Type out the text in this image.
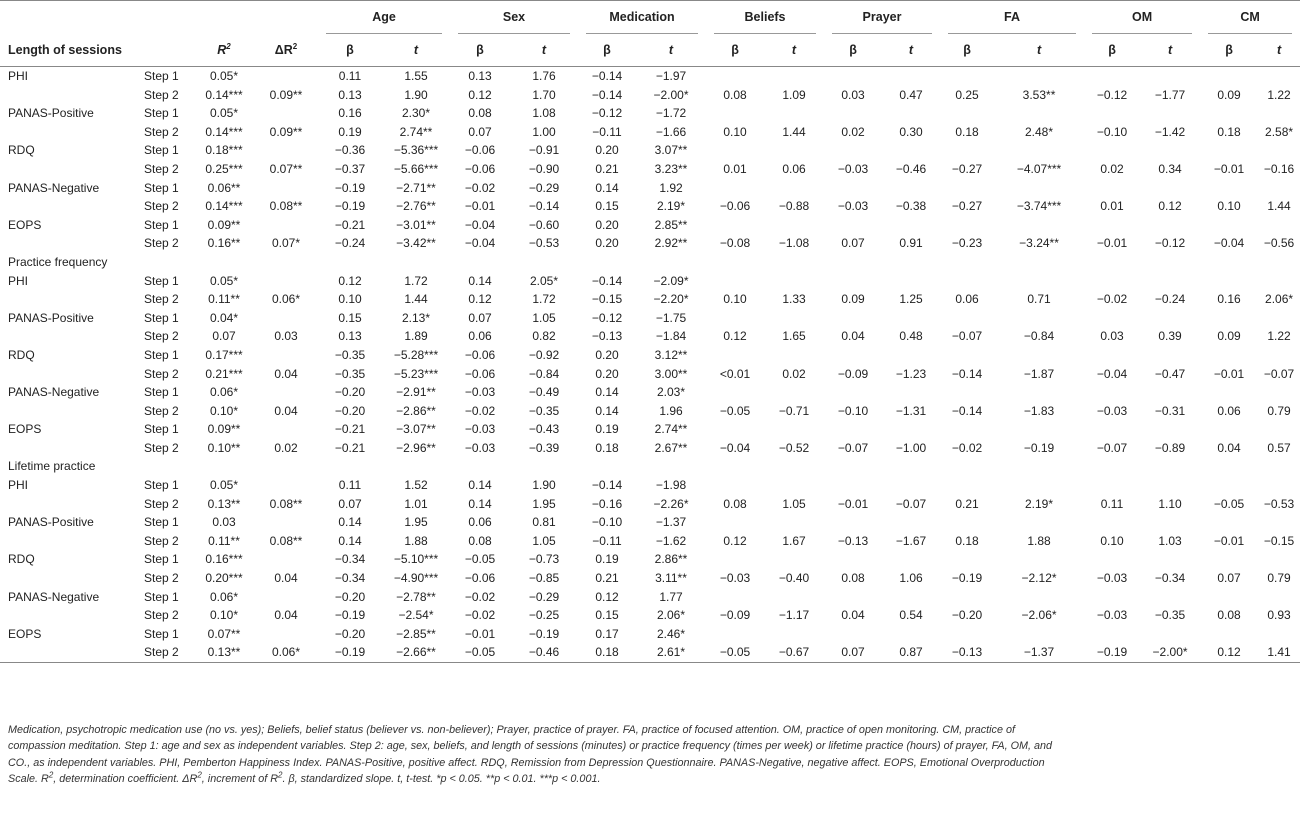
				Age		Sex		Medication		Beliefs		Prayer		FA		OM		CM	

Length of sessions		$R^2$	$\Delta R^2$	β	t	β	t	β	t	β	t	β	t	β	t	β	t	β	t
PHI	Step 1	0.05*		0.11	1.55	0.13	1.76	−0.14	−1.97										
	Step 2	0.14***	0.09**	0.13	1.90	0.12	1.70	−0.14	−2.00*	0.08	1.09	0.03	0.47	0.25	3.53**	−0.12	−1.77	0.09	1.22
PANAS-Positive	Step 1	0.05*		0.16	2.30*	0.08	1.08	−0.12	−1.72										
	Step 2	0.14***	0.09**	0.19	2.74**	0.07	1.00	−0.11	−1.66	0.10	1.44	0.02	0.30	0.18	2.48*	−0.10	−1.42	0.18	2.58*
RDQ	Step 1	0.18***		−0.36	−5.36***	−0.06	−0.91	0.20	3.07**										
	Step 2	0.25***	0.07**	−0.37	−5.66***	−0.06	−0.90	0.21	3.23**	0.01	0.06	−0.03	−0.46	−0.27	−4.07***	0.02	0.34	−0.01	−0.16
PANAS-Negative	Step 1	0.06**		−0.19	−2.71**	−0.02	−0.29	0.14	1.92										
	Step 2	0.14***	0.08**	−0.19	−2.76**	−0.01	−0.14	0.15	2.19*	−0.06	−0.88	−0.03	−0.38	−0.27	−3.74***	0.01	0.12	0.10	1.44
EOPS	Step 1	0.09**		−0.21	−3.01**	−0.04	−0.60	0.20	2.85**										
	Step 2	0.16**	0.07*	−0.24	−3.42**	−0.04	−0.53	0.20	2.92**	−0.08	−1.08	0.07	0.91	−0.23	−3.24**	−0.01	−0.12	−0.04	−0.56
Practice frequency																			
PHI	Step 1	0.05*		0.12	1.72	0.14	2.05*	−0.14	−2.09*										
	Step 2	0.11**	0.06*	0.10	1.44	0.12	1.72	−0.15	−2.20*	0.10	1.33	0.09	1.25	0.06	0.71	−0.02	−0.24	0.16	2.06*
PANAS-Positive	Step 1	0.04*		0.15	2.13*	0.07	1.05	−0.12	−1.75										
	Step 2	0.07	0.03	0.13	1.89	0.06	0.82	−0.13	−1.84	0.12	1.65	0.04	0.48	−0.07	−0.84	0.03	0.39	0.09	1.22
RDQ	Step 1	0.17***		−0.35	−5.28***	−0.06	−0.92	0.20	3.12**										
	Step 2	0.21***	0.04	−0.35	−5.23***	−0.06	−0.84	0.20	3.00**	<0.01	0.02	−0.09	−1.23	−0.14	−1.87	−0.04	−0.47	−0.01	−0.07
PANAS-Negative	Step 1	0.06*		−0.20	−2.91**	−0.03	−0.49	0.14	2.03*										
	Step 2	0.10*	0.04	−0.20	−2.86**	−0.02	−0.35	0.14	1.96	−0.05	−0.71	−0.10	−1.31	−0.14	−1.83	−0.03	−0.31	0.06	0.79
EOPS	Step 1	0.09**		−0.21	−3.07**	−0.03	−0.43	0.19	2.74**										
	Step 2	0.10**	0.02	−0.21	−2.96**	−0.03	−0.39	0.18	2.67**	−0.04	−0.52	−0.07	−1.00	−0.02	−0.19	−0.07	−0.89	0.04	0.57
Lifetime practice																			
PHI	Step 1	0.05*		0.11	1.52	0.14	1.90	−0.14	−1.98										
	Step 2	0.13**	0.08**	0.07	1.01	0.14	1.95	−0.16	−2.26*	0.08	1.05	−0.01	−0.07	0.21	2.19*	0.11	1.10	−0.05	−0.53
PANAS-Positive	Step 1	0.03		0.14	1.95	0.06	0.81	−0.10	−1.37										
	Step 2	0.11**	0.08**	0.14	1.88	0.08	1.05	−0.11	−1.62	0.12	1.67	−0.13	−1.67	0.18	1.88	0.10	1.03	−0.01	−0.15
RDQ	Step 1	0.16***		−0.34	−5.10***	−0.05	−0.73	0.19	2.86**										
	Step 2	0.20***	0.04	−0.34	−4.90***	−0.06	−0.85	0.21	3.11**	−0.03	−0.40	0.08	1.06	−0.19	−2.12*	−0.03	−0.34	0.07	0.79
PANAS-Negative	Step 1	0.06*		−0.20	−2.78**	−0.02	−0.29	0.12	1.77										
	Step 2	0.10*	0.04	−0.19	−2.54*	−0.02	−0.25	0.15	2.06*	−0.09	−1.17	0.04	0.54	−0.20	−2.06*	−0.03	−0.35	0.08	0.93
EOPS	Step 1	0.07**		−0.20	−2.85**	−0.01	−0.19	0.17	2.46*										
	Step 2	0.13**	0.06*	−0.19	−2.66**	−0.05	−0.46	0.18	2.61*	−0.05	−0.67	0.07	0.87	−0.13	−1.37	−0.19	−2.00*	0.12	1.41
Medication, psychotropic medication use (no vs. yes); Beliefs, belief status (believer vs. non-believer); Prayer, practice of prayer. FA, practice of focused attention. OM, practice of open monitoring. CM, practice of
compassion meditation. Step 1: age and sex as independent variables. Step 2: age, sex, beliefs, and length of sessions (minutes) or practice frequency (times per week) or lifetime practice (hours) of prayer, FA, OM, and
CO., as independent variables. PHI, Pemberton Happiness Index. PANAS-Positive, positive affect. RDQ, Remission from Depression Questionnaire. PANAS-Negative, negative affect. EOPS, Emotional Overproduction
Scale. $R^2$, determination coefficient. $\Delta R^2$, increment of $R^2$. β, standardized slope. t, t-test. *p < 0.05. **p < 0.01. ***p < 0.001.
